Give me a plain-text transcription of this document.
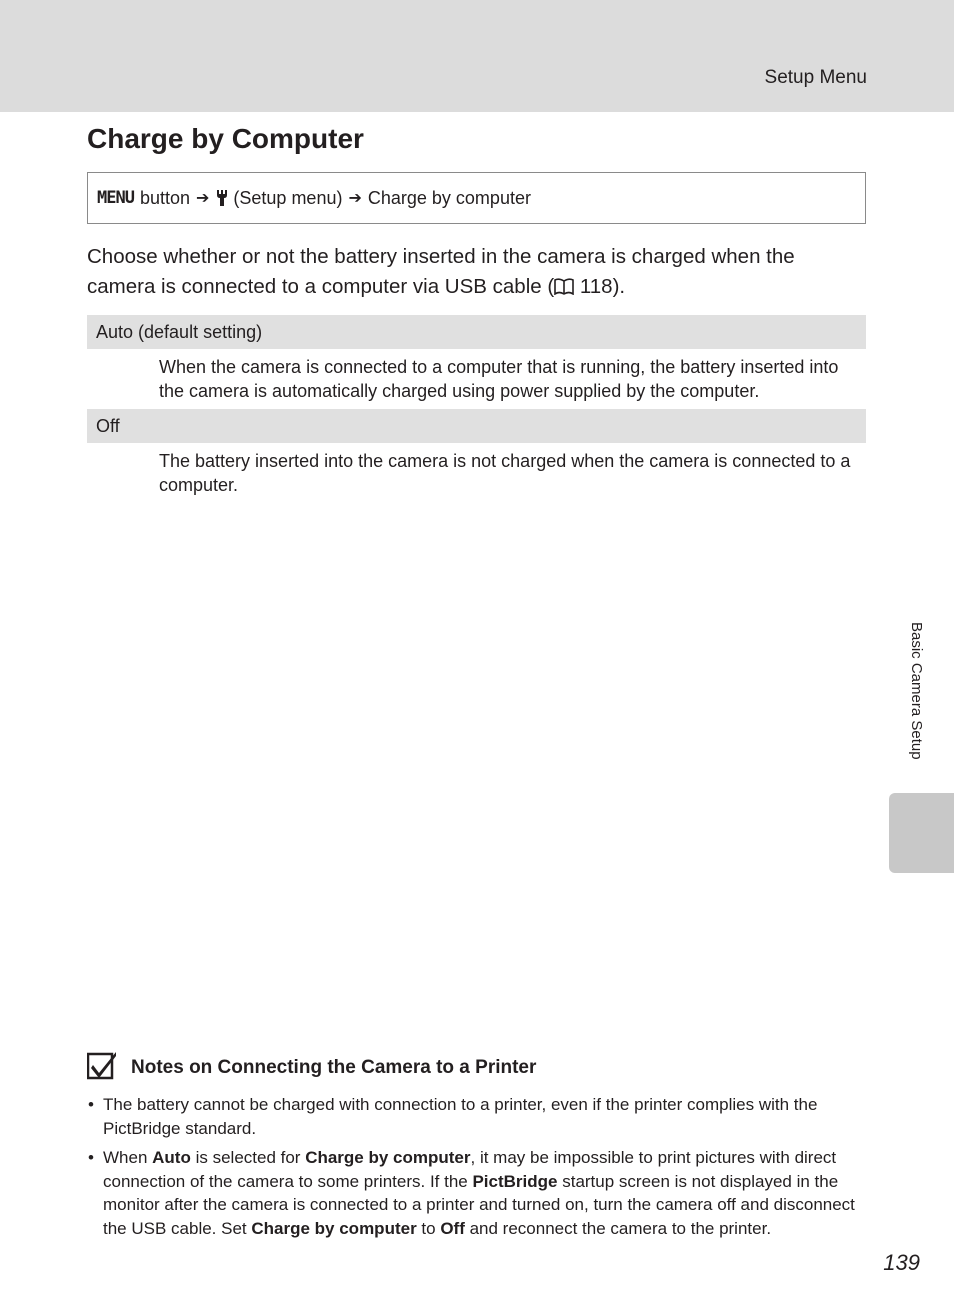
Setup Menu
Charge by Computer
MENU button ➔ (Setup menu) ➔ Charge by computer

Choose whether or not the battery inserted in the camera is charged when the camera is connected to a computer via USB cable ( 118).

Auto (default setting)

When the camera is connected to a computer that is running, the battery inserted into the camera is automatically charged using power supplied by the computer.

Off

The battery inserted into the camera is not charged when the camera is connected to a computer.

Basic Camera Setup
Notes on Connecting the Camera to a Printer
• The battery cannot be charged with connection to a printer, even if the printer complies with the PictBridge standard.
• When Auto is selected for Charge by computer, it may be impossible to print pictures with direct connection of the camera to some printers. If the PictBridge startup screen is not displayed in the monitor after the camera is connected to a printer and turned on, turn the camera off and disconnect the USB cable. Set Charge by computer to Off and reconnect the camera to the printer.
139
